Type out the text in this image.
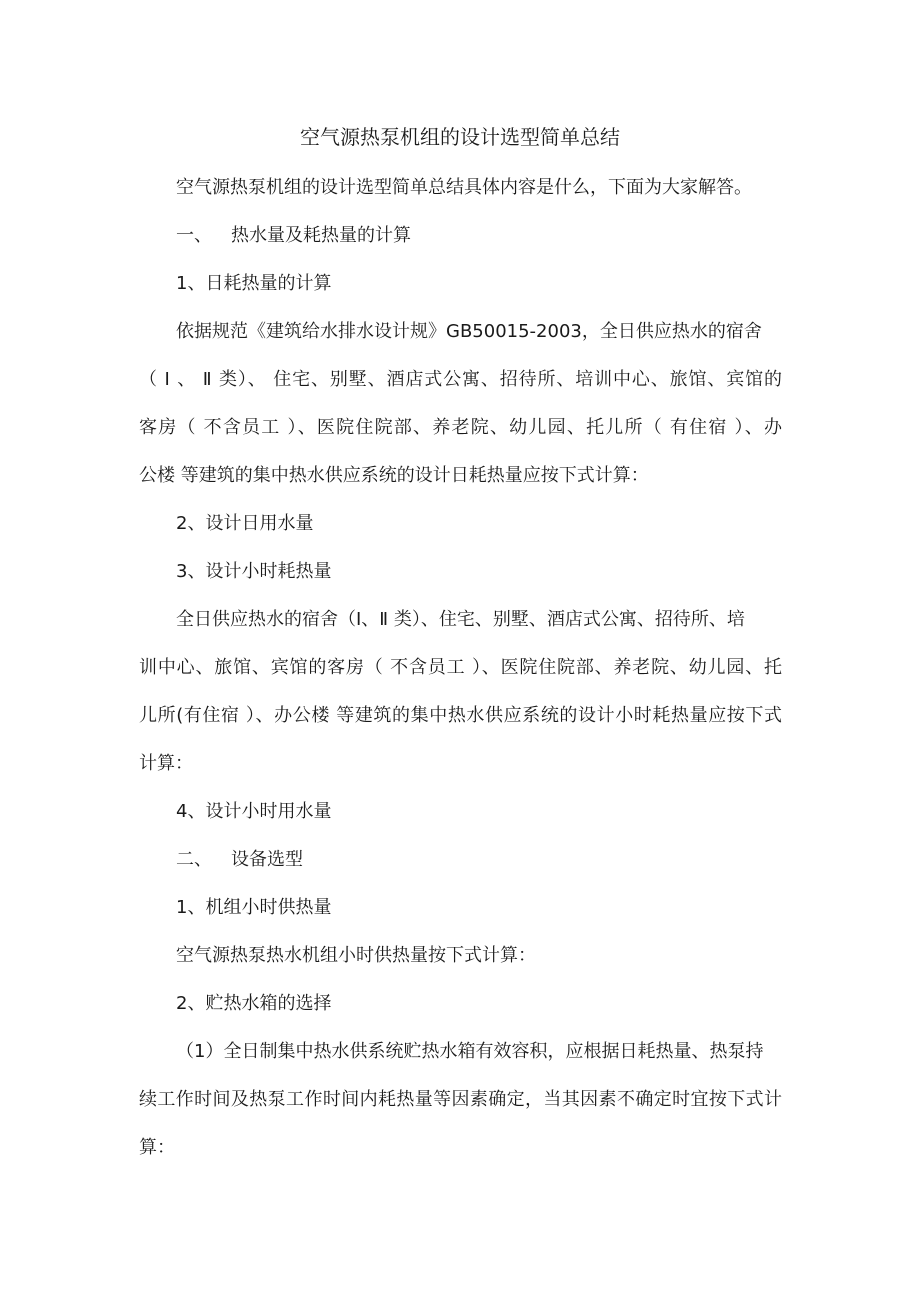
空气源热泵机组的设计选型简单总结
空气源热泵机组的设计选型简单总结具体内容是什么，下面为大家解答。
一、 热水量及耗热量的计算
1、日耗热量的计算
依据规范《建筑给水排水设计规》GB50015-2003，全日供应热水的宿舍
（ Ⅰ 、 Ⅱ 类）、 住宅、别墅、酒店式公寓、招待所、培训中心、旅馆、宾馆的
客房（ 不含员工 ）、医院住院部、养老院、幼儿园、托儿所（ 有住宿 ）、办
公楼 等建筑的集中热水供应系统的设计日耗热量应按下式计算：
2、设计日用水量
3、设计小时耗热量
全日供应热水的宿舍（Ⅰ、Ⅱ 类）、住宅、别墅、酒店式公寓、招待所、培
训中心、旅馆、宾馆的客房（ 不含员工 ）、医院住院部、养老院、幼儿园、托
儿所(有住宿 ）、办公楼 等建筑的集中热水供应系统的设计小时耗热量应按下式
计算：
4、设计小时用水量
二、 设备选型
1、机组小时供热量
空气源热泵热水机组小时供热量按下式计算：
2、贮热水箱的选择
（1）全日制集中热水供系统贮热水箱有效容积，应根据日耗热量、热泵持
续工作时间及热泵工作时间内耗热量等因素确定，当其因素不确定时宜按下式计
算：
